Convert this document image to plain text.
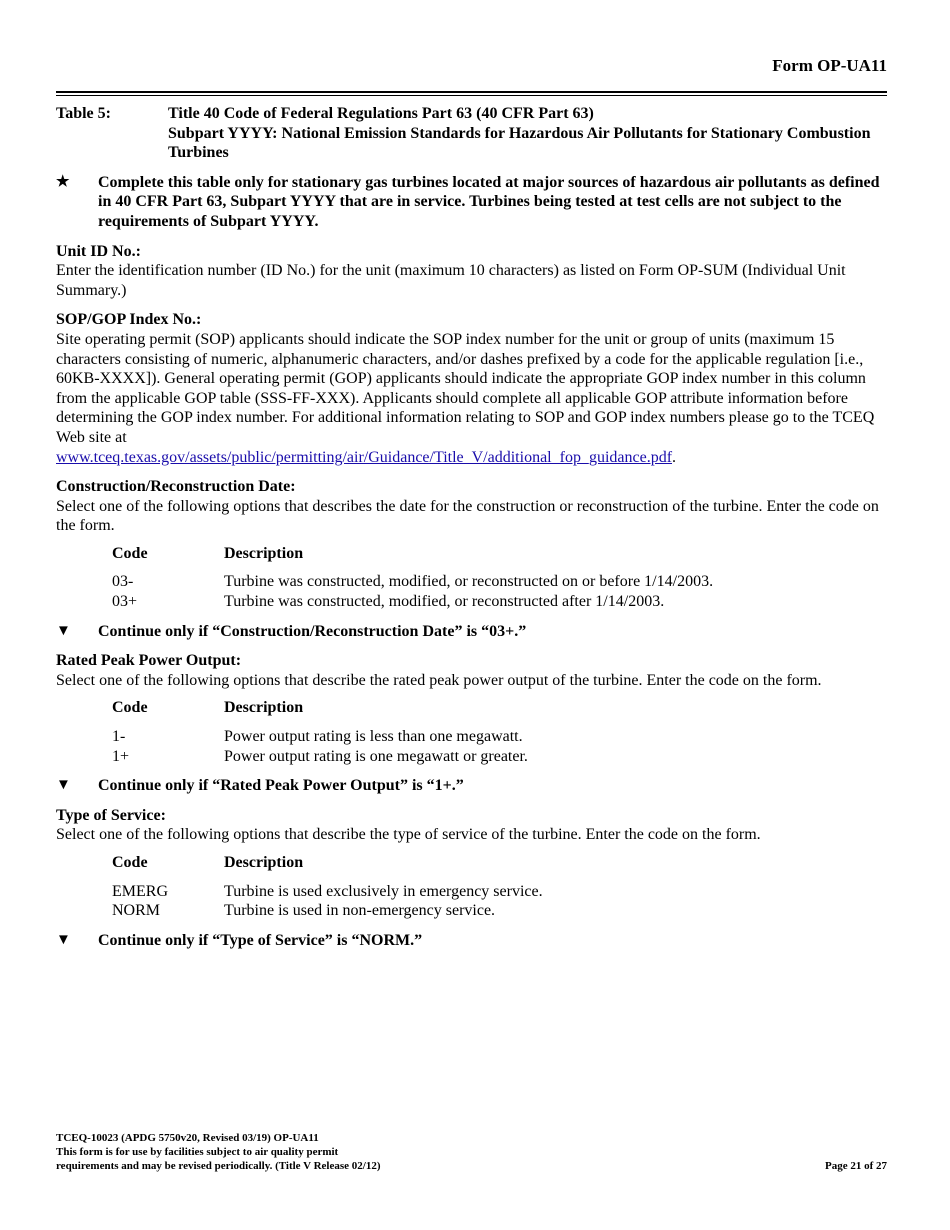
Form OP-UA11
Table 5:	Title 40 Code of Federal Regulations Part 63 (40 CFR Part 63)
Subpart YYYY: National Emission Standards for Hazardous Air Pollutants for Stationary Combustion Turbines
★	Complete this table only for stationary gas turbines located at major sources of hazardous air pollutants as defined in 40 CFR Part 63, Subpart YYYY that are in service. Turbines being tested at test cells are not subject to the requirements of Subpart YYYY.
Unit ID No.:
Enter the identification number (ID No.) for the unit (maximum 10 characters) as listed on Form OP-SUM (Individual Unit Summary.)
SOP/GOP Index No.:
Site operating permit (SOP) applicants should indicate the SOP index number for the unit or group of units (maximum 15 characters consisting of numeric, alphanumeric characters, and/or dashes prefixed by a code for the applicable regulation [i.e., 60KB-XXXX]). General operating permit (GOP) applicants should indicate the appropriate GOP index number in this column from the applicable GOP table (SSS-FF-XXX). Applicants should complete all applicable GOP attribute information before determining the GOP index number. For additional information relating to SOP and GOP index numbers please go to the TCEQ Web site at
www.tceq.texas.gov/assets/public/permitting/air/Guidance/Title_V/additional_fop_guidance.pdf.
Construction/Reconstruction Date:
Select one of the following options that describes the date for the construction or reconstruction of the turbine. Enter the code on the form.
Code	Description
03-	Turbine was constructed, modified, or reconstructed on or before 1/14/2003.
03+	Turbine was constructed, modified, or reconstructed after 1/14/2003.
▼	Continue only if “Construction/Reconstruction Date” is “03+.”
Rated Peak Power Output:
Select one of the following options that describe the rated peak power output of the turbine. Enter the code on the form.
Code	Description
1-	Power output rating is less than one megawatt.
1+	Power output rating is one megawatt or greater.
▼	Continue only if “Rated Peak Power Output” is “1+.”
Type of Service:
Select one of the following options that describe the type of service of the turbine. Enter the code on the form.
Code	Description
EMERG	Turbine is used exclusively in emergency service.
NORM	Turbine is used in non-emergency service.
▼	Continue only if “Type of Service” is “NORM.”
TCEQ-10023 (APDG 5750v20, Revised 03/19) OP-UA11
This form is for use by facilities subject to air quality permit
requirements and may be revised periodically. (Title V Release 02/12)	Page 21 of 27
